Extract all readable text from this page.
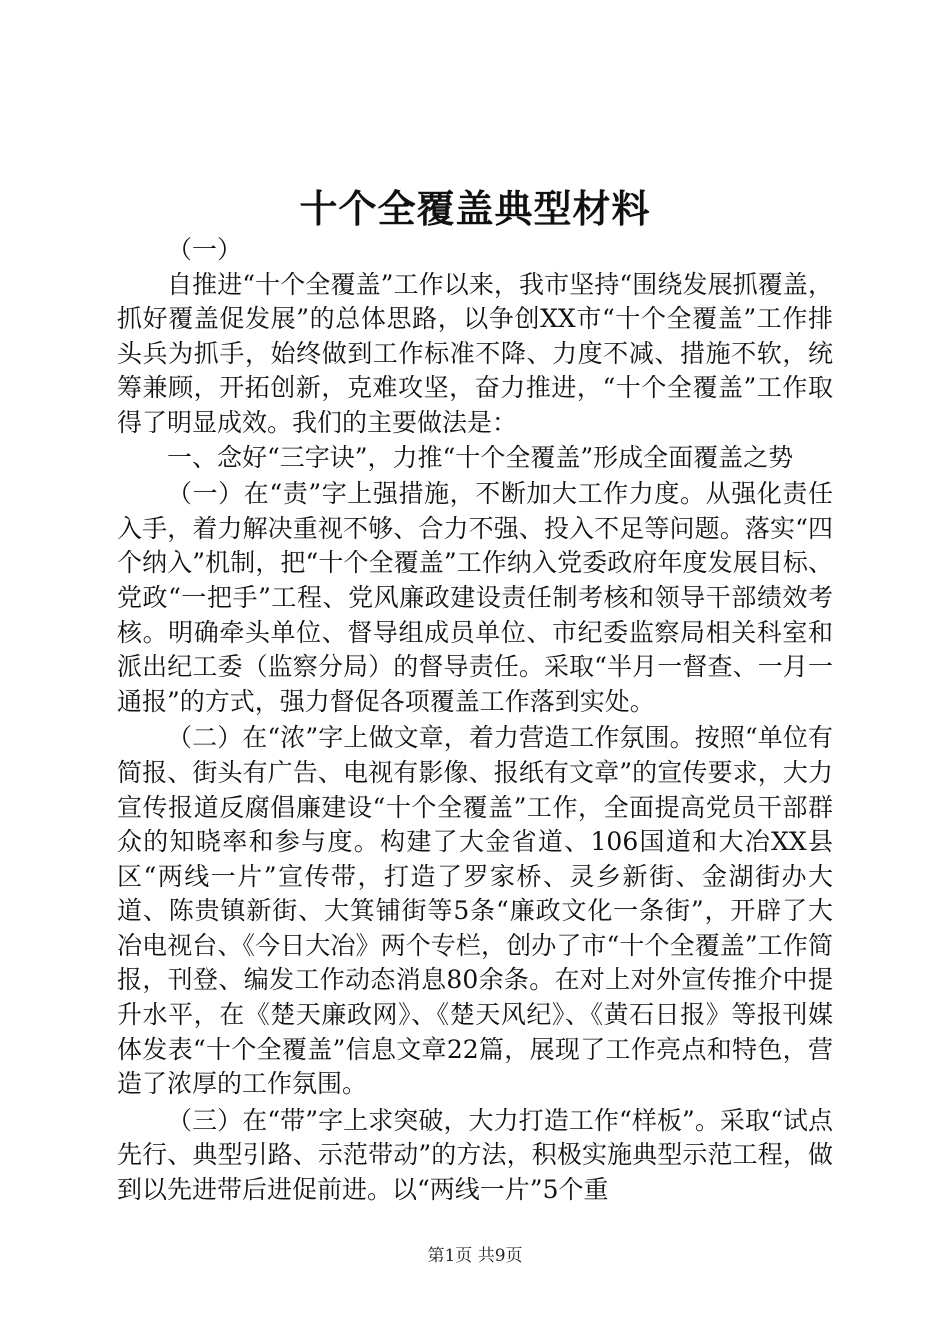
十个全覆盖典型材料

（一）

自推进“十个全覆盖”工作以来，我市坚持“围绕发展抓覆盖，抓好覆盖促发展”的总体思路，以争创XX市“十个全覆盖”工作排头兵为抓手，始终做到工作标准不降、力度不减、措施不软，统筹兼顾，开拓创新，克难攻坚，奋力推进，“十个全覆盖”工作取得了明显成效。我们的主要做法是：

一、念好“三字诀”，力推“十个全覆盖”形成全面覆盖之势

（一）在“责”字上强措施，不断加大工作力度。从强化责任入手，着力解决重视不够、合力不强、投入不足等问题。落实“四个纳入”机制，把“十个全覆盖”工作纳入党委政府年度发展目标、党政“一把手”工程、党风廉政建设责任制考核和领导干部绩效考核。明确牵头单位、督导组成员单位、市纪委监察局相关科室和派出纪工委（监察分局）的督导责任。采取“半月一督查、一月一通报”的方式，强力督促各项覆盖工作落到实处。

（二）在“浓”字上做文章，着力营造工作氛围。按照“单位有简报、街头有广告、电视有影像、报纸有文章”的宣传要求，大力宣传报道反腐倡廉建设“十个全覆盖”工作，全面提高党员干部群众的知晓率和参与度。构建了大金省道、106国道和大冶XX县区“两线一片”宣传带，打造了罗家桥、灵乡新街、金湖街办大道、陈贵镇新街、大箕铺街等5条“廉政文化一条街”，开辟了大冶电视台、《今日大冶》两个专栏，创办了市“十个全覆盖”工作简报，刊登、编发工作动态消息80余条。在对上对外宣传推介中提升水平，在《楚天廉政网》、《楚天风纪》、《黄石日报》等报刊媒体发表“十个全覆盖”信息文章22篇，展现了工作亮点和特色，营造了浓厚的工作氛围。

（三）在“带”字上求突破，大力打造工作“样板”。采取“试点先行、典型引路、示范带动”的方法，积极实施典型示范工程，做到以先进带后进促前进。以“两线一片”5个重

第1页 共9页
